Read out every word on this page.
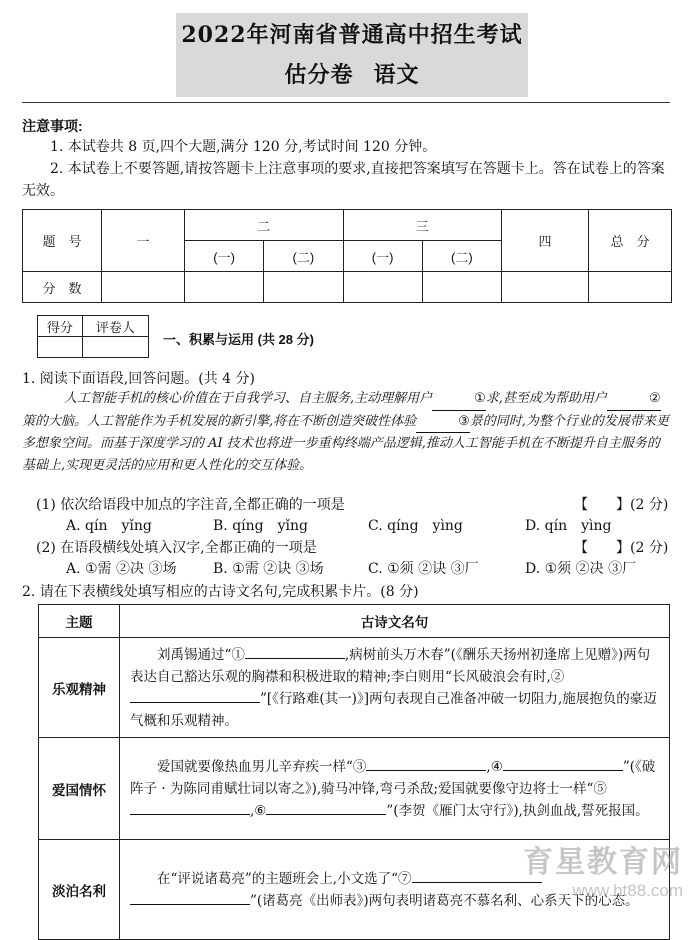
2022年河南省普通高中招生考试
估分卷 语文
注意事项:
1. 本试卷共 8 页,四个大题,满分 120 分,考试时间 120 分钟。
2. 本试卷上不要答题,请按答题卡上注意事项的要求,直接把答案填写在答题卡上。答在试卷上的答案无效。
题　号	一	二		三		四	总　分
		(一)	(二)	(一)	(二)		
分　数							
得分	评卷人

一、积累与运用 (共 28 分)
1. 阅读下面语段,回答问题。(共 4 分)
人工智能手机的核心价值在于自我学习、自主服务,主动理解用户	①求,甚至成为帮助用户	②策的大脑。人工智能作为手机发展的新引擎,将在不断创造突破性体验	③景的同时,为整个行业的发展带来更多想象空间。而基于深度学习的 AI 技术也将进一步重构终端产品逻辑,推动人工智能手机在不断提升自主服务的基础上,实现更灵活的应用和更人性化的交互体验。
(1) 依次给语段中加点的字注音,全都正确的一项是	【　　】(2 分)
A. qín　yǐng	B. qíng　yǐng	C. qíng　yìng	D. qín　yìng
(2) 在语段横线处填入汉字,全都正确的一项是	【　　】(2 分)
A. ①需 ②决 ③场	B. ①需 ②诀 ③场	C. ①须 ②诀 ③厂	D. ①须 ②决 ③厂
2. 请在下表横线处填写相应的古诗文名句,完成积累卡片。(8 分)
主题	古诗文名句
乐观精神	刘禹锡通过“① ,病树前头万木春”(《酬乐天扬州初逢席上见赠》)两句表达自己豁达乐观的胸襟和积极进取的精神;李白则用“长风破浪会有时,②”[《行路难(其一)》]两句表现自己准备冲破一切阻力,施展抱负的豪迈气概和乐观精神。
爱国情怀	爱国就要像热血男儿辛弃疾一样“③ ,④ ”(《破阵子 · 为陈同甫赋壮词以寄之》),骑马冲锋,弯弓杀敌;爱国就要像守边将士一样“⑤,⑥ ”(李贺《雁门太守行》),执剑血战,誓死报国。
淡泊名利	在“评说诸葛亮”的主题班会上,小文选了“⑦”(诸葛亮《出师表》)两句表明诸葛亮不慕名利、心系天下的心态。
育星教育网
www.ht88.com
